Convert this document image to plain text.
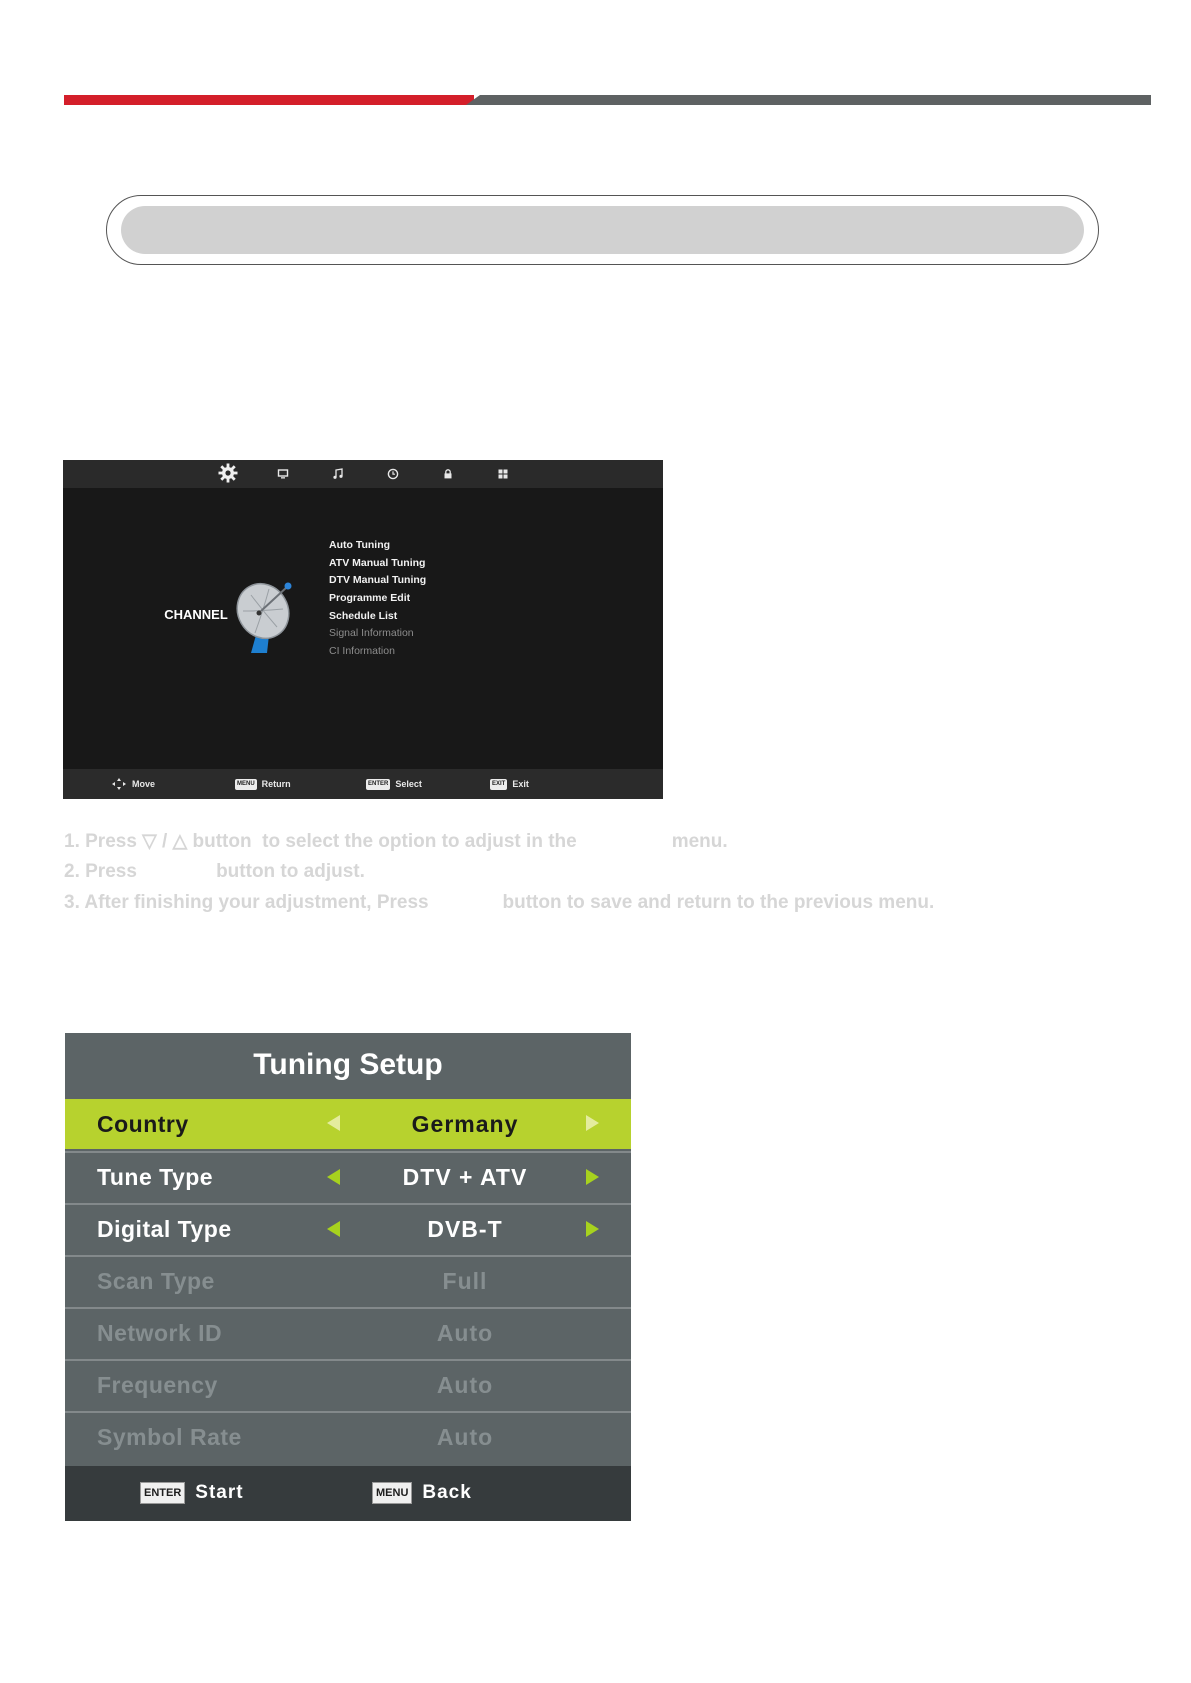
CHANNEL
Auto Tuning
ATV Manual Tuning
DTV Manual Tuning
Programme Edit
Schedule List
Signal Information
CI Information
Move	MENU Return	ENTER Select	EXIT Exit
1. Press ▽ / △ button  to select the option to adjust in the                  menu.
2. Press               button to adjust.
3. After finishing your adjustment, Press              button to save and return to the previous menu.
Tuning Setup
Country	Germany
Tune Type	DTV + ATV
Digital Type	DVB-T
Scan Type	Full
Network ID	Auto
Frequency	Auto
Symbol Rate	Auto
ENTER Start	MENU Back
